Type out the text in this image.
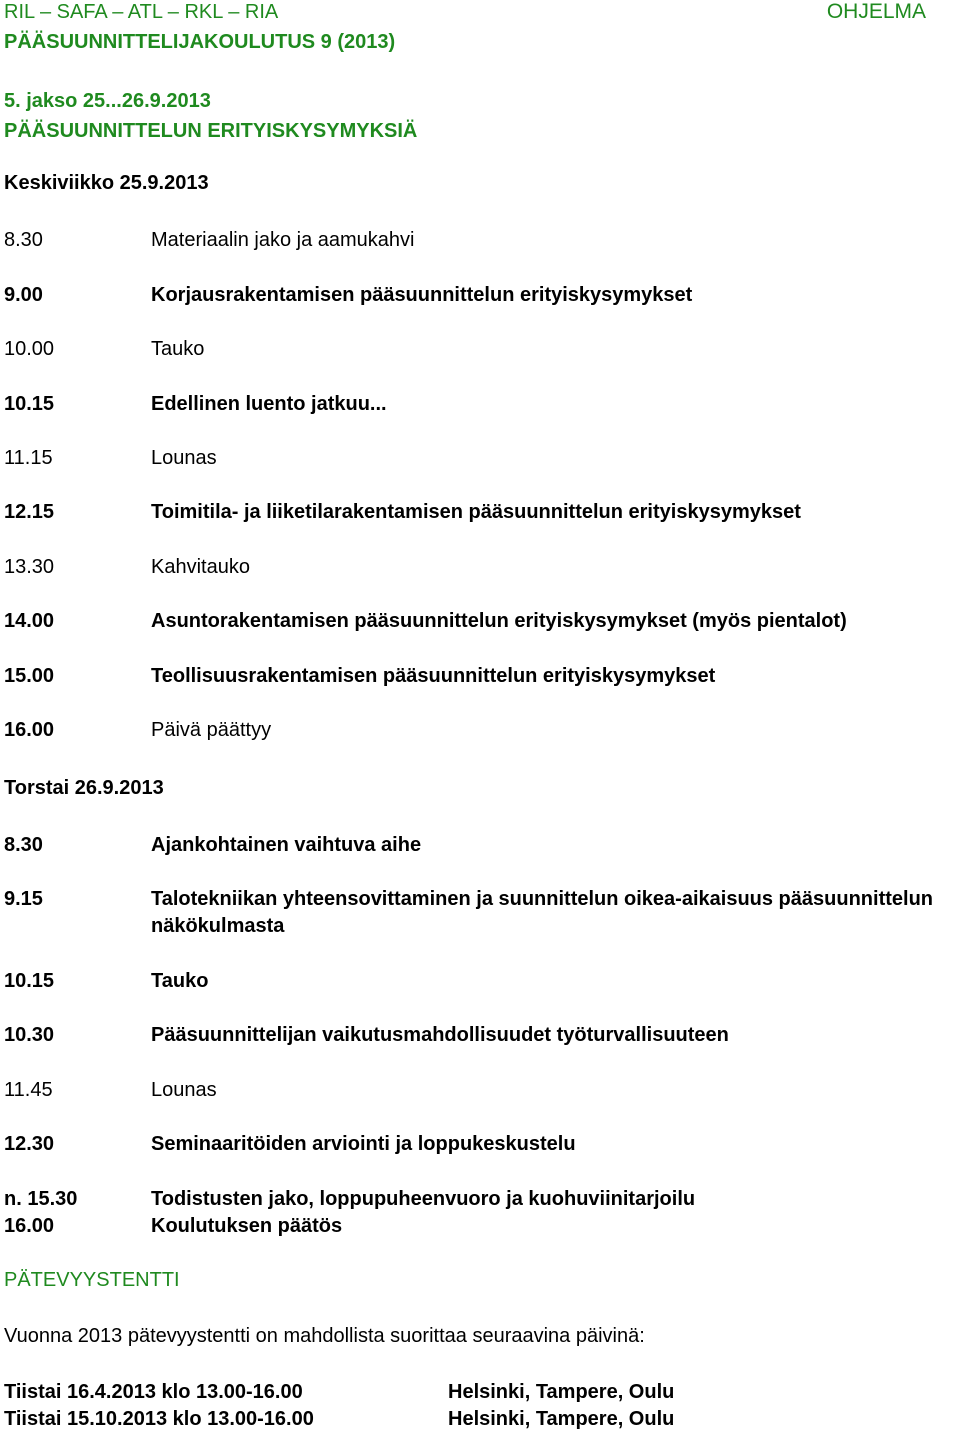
RIL – SAFA – ATL – RKL – RIA	OHJELMA
PÄÄSUUNNITTELIJAKOULUTUS 9 (2013)
5. jakso 25...26.9.2013
PÄÄSUUNNITTELUN ERITYISKYSYMYKSIÄ
Keskiviikko 25.9.2013
8.30	Materiaalin jako ja aamukahvi
9.00	Korjausrakentamisen pääsuunnittelun erityiskysymykset
10.00	Tauko
10.15	Edellinen luento jatkuu...
11.15	Lounas
12.15	Toimitila- ja liiketilarakentamisen pääsuunnittelun erityiskysymykset
13.30	Kahvitauko
14.00	Asuntorakentamisen pääsuunnittelun erityiskysymykset (myös pientalot)
15.00	Teollisuusrakentamisen pääsuunnittelun erityiskysymykset
16.00	Päivä päättyy
Torstai 26.9.2013
8.30	Ajankohtainen vaihtuva aihe
9.15	Talotekniikan yhteensovittaminen ja suunnittelun oikea-aikaisuus pääsuunnittelun näkökulmasta
10.15	Tauko
10.30	Pääsuunnittelijan vaikutusmahdollisuudet työturvallisuuteen
11.45	Lounas
12.30	Seminaaritöiden arviointi ja loppukeskustelu
n. 15.30	Todistusten jako, loppupuheenvuoro ja kuohuviinitarjoilu
16.00	Koulutuksen päätös
PÄTEVYYSTENTTI
Vuonna 2013 pätevyystentti on mahdollista suorittaa seuraavina päivinä:
Tiistai 16.4.2013 klo 13.00-16.00	Helsinki, Tampere, Oulu
Tiistai 15.10.2013 klo 13.00-16.00	Helsinki, Tampere, Oulu
